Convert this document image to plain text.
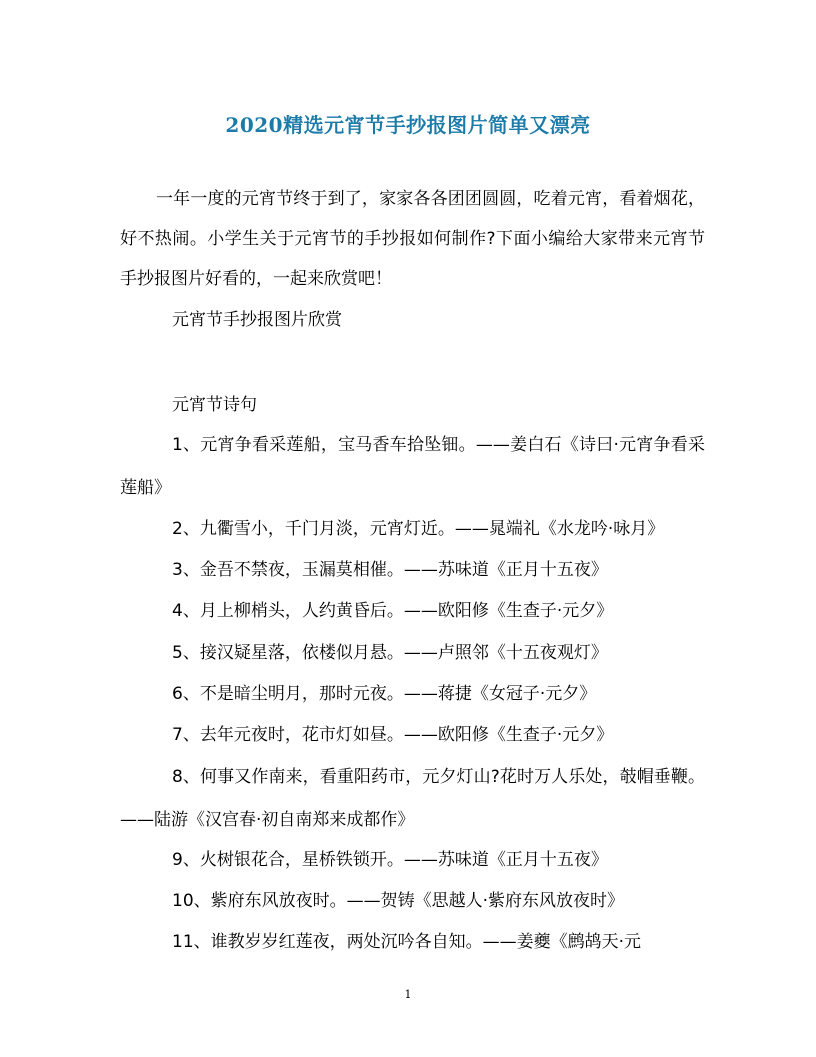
2020精选元宵节手抄报图片简单又漂亮

一年一度的元宵节终于到了，家家各各团团圆圆，吃着元宵，看着烟花，好不热闹。小学生关于元宵节的手抄报如何制作?下面小编给大家带来元宵节手抄报图片好看的，一起来欣赏吧！

元宵节手抄报图片欣赏
元宵节诗句
1、元宵争看采莲船，宝马香车拾坠钿。——姜白石《诗曰·元宵争看采莲船》
2、九衢雪小，千门月淡，元宵灯近。——晁端礼《水龙吟·咏月》
3、金吾不禁夜，玉漏莫相催。——苏味道《正月十五夜》
4、月上柳梢头，人约黄昏后。——欧阳修《生查子·元夕》
5、接汉疑星落，依楼似月悬。——卢照邻《十五夜观灯》
6、不是暗尘明月，那时元夜。——蒋捷《女冠子·元夕》
7、去年元夜时，花市灯如昼。——欧阳修《生查子·元夕》
8、何事又作南来，看重阳药市，元夕灯山?花时万人乐处，攲帽垂鞭。——陆游《汉宫春·初自南郑来成都作》
9、火树银花合，星桥铁锁开。——苏味道《正月十五夜》
10、紫府东风放夜时。——贺铸《思越人·紫府东风放夜时》
11、谁教岁岁红莲夜，两处沉吟各自知。——姜夔《鹧鸪天·元
1
